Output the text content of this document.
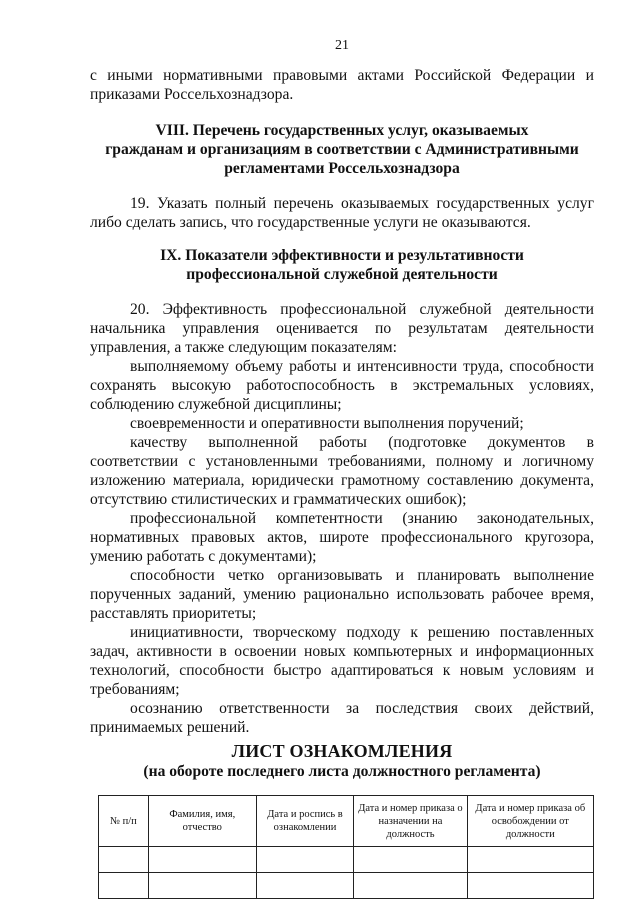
21

с иными нормативными правовыми актами Российской Федерации и приказами Россельхознадзора.

VIII. Перечень государственных услуг, оказываемых
гражданам и организациям в соответствии с Административными
регламентами Россельхознадзора

19. Указать полный перечень оказываемых государственных услуг либо сделать запись, что государственные услуги не оказываются.

IX. Показатели эффективности и результативности
профессиональной служебной деятельности

20. Эффективность профессиональной служебной деятельности начальника управления оценивается по результатам деятельности управления, а также следующим показателям:

выполняемому объему работы и интенсивности труда, способности сохранять высокую работоспособность в экстремальных условиях, соблюдению служебной дисциплины;

своевременности и оперативности выполнения поручений;

качеству выполненной работы (подготовке документов в соответствии с установленными требованиями, полному и логичному изложению материала, юридически грамотному составлению документа, отсутствию стилистических и грамматических ошибок);

профессиональной компетентности (знанию законодательных, нормативных правовых актов, широте профессионального кругозора, умению работать с документами);

способности четко организовывать и планировать выполнение порученных заданий, умению рационально использовать рабочее время, расставлять приоритеты;

инициативности, творческому подходу к решению поставленных задач, активности в освоении новых компьютерных и информационных технологий, способности быстро адаптироваться к новым условиям и требованиям;

осознанию ответственности за последствия своих действий, принимаемых решений.

ЛИСТ ОЗНАКОМЛЕНИЯ
(на обороте последнего листа должностного регламента)
№ п/п	Фамилия, имя, отчество	Дата и роспись в ознакомлении	Дата и номер приказа о назначении на должность	Дата и номер приказа об освобождении от должности
